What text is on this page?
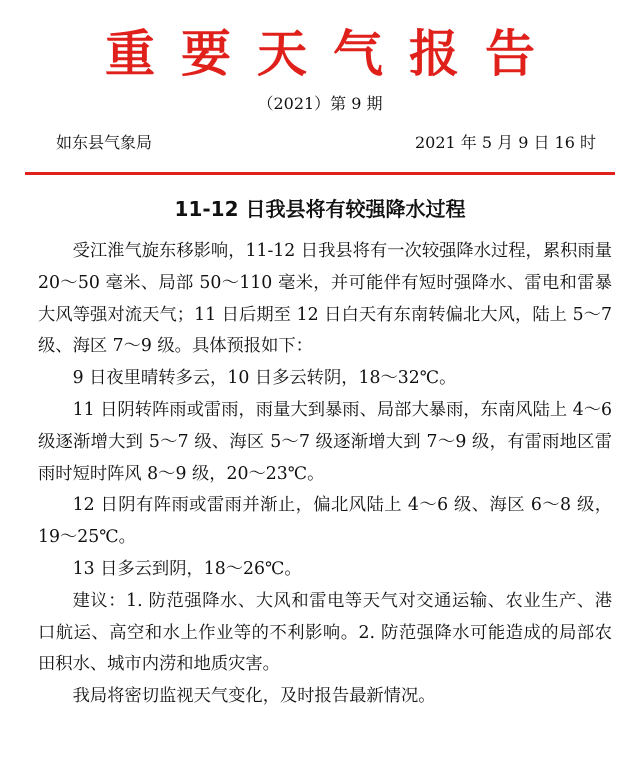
重要天气报告
（2021）第 9 期
如东县气象局	2021 年 5 月 9 日 16 时
11-12 日我县将有较强降水过程

受江淮气旋东移影响，11-12 日我县将有一次较强降水过程，累积雨量 20～50 毫米、局部 50～110 毫米，并可能伴有短时强降水、雷电和雷暴大风等强对流天气；11 日后期至 12 日白天有东南转偏北大风，陆上 5～7 级、海区 7～9 级。具体预报如下：

9 日夜里晴转多云，10 日多云转阴，18～32℃。

11 日阴转阵雨或雷雨，雨量大到暴雨、局部大暴雨，东南风陆上 4～6 级逐渐增大到 5～7 级、海区 5～7 级逐渐增大到 7～9 级，有雷雨地区雷雨时短时阵风 8～9 级，20～23℃。

12 日阴有阵雨或雷雨并渐止，偏北风陆上 4～6 级、海区 6～8 级，19～25℃。

13 日多云到阴，18～26℃。

建议：1. 防范强降水、大风和雷电等天气对交通运输、农业生产、港口航运、高空和水上作业等的不利影响。2. 防范强降水可能造成的局部农田积水、城市内涝和地质灾害。

我局将密切监视天气变化，及时报告最新情况。
